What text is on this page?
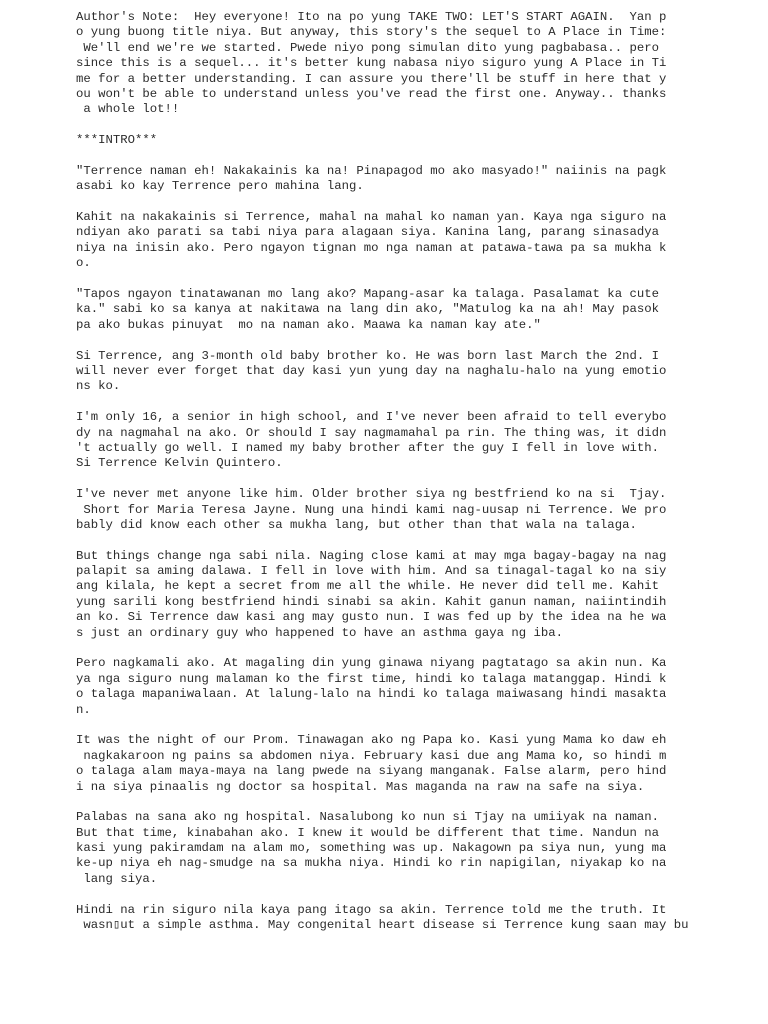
Author's Note:  Hey everyone! Ito na po yung TAKE TWO: LET'S START AGAIN.  Yan p
o yung buong title niya. But anyway, this story's the sequel to A Place in Time:
We'll end we're we started. Pwede niyo pong simulan dito yung pagbabasa.. pero
since this is a sequel... it's better kung nabasa niyo siguro yung A Place in Ti
me for a better understanding. I can assure you there'll be stuff in here that y
ou won't be able to understand unless you've read the first one. Anyway.. thanks
a whole lot!!
***INTRO***
"Terrence naman eh! Nakakainis ka na! Pinapagod mo ako masyado!" naiinis na pagk
asabi ko kay Terrence pero mahina lang.
Kahit na nakakainis si Terrence, mahal na mahal ko naman yan. Kaya nga siguro na
ndiyan ako parati sa tabi niya para alagaan siya. Kanina lang, parang sinasadya
niya na inisin ako. Pero ngayon tignan mo nga naman at patawa-tawa pa sa mukha k
o.
"Tapos ngayon tinatawanan mo lang ako? Mapang-asar ka talaga. Pasalamat ka cute
ka." sabi ko sa kanya at nakitawa na lang din ako, "Matulog ka na ah! May pasok
pa ako bukas pinuyat  mo na naman ako. Maawa ka naman kay ate."
Si Terrence, ang 3-month old baby brother ko. He was born last March the 2nd. I
will never ever forget that day kasi yun yung day na naghalu-halo na yung emotio
ns ko.
I'm only 16, a senior in high school, and I've never been afraid to tell everybo
dy na nagmahal na ako. Or should I say nagmamahal pa rin. The thing was, it didn
't actually go well. I named my baby brother after the guy I fell in love with.
Si Terrence Kelvin Quintero.
I've never met anyone like him. Older brother siya ng bestfriend ko na si  Tjay.
Short for Maria Teresa Jayne. Nung una hindi kami nag-uusap ni Terrence. We pro
bably did know each other sa mukha lang, but other than that wala na talaga.
But things change nga sabi nila. Naging close kami at may mga bagay-bagay na nag
palapit sa aming dalawa. I fell in love with him. And sa tinagal-tagal ko na siy
ang kilala, he kept a secret from me all the while. He never did tell me. Kahit
yung sarili kong bestfriend hindi sinabi sa akin. Kahit ganun naman, naiintindih
an ko. Si Terrence daw kasi ang may gusto nun. I was fed up by the idea na he wa
s just an ordinary guy who happened to have an asthma gaya ng iba.
Pero nagkamali ako. At magaling din yung ginawa niyang pagtatago sa akin nun. Ka
ya nga siguro nung malaman ko the first time, hindi ko talaga matanggap. Hindi k
o talaga mapaniwalaan. At lalung-lalo na hindi ko talaga maiwasang hindi masakta
n.
It was the night of our Prom. Tinawagan ako ng Papa ko. Kasi yung Mama ko daw eh
nagkakaroon ng pains sa abdomen niya. February kasi due ang Mama ko, so hindi m
o talaga alam maya-maya na lang pwede na siyang manganak. False alarm, pero hind
i na siya pinaalis ng doctor sa hospital. Mas maganda na raw na safe na siya.
Palabas na sana ako ng hospital. Nasalubong ko nun si Tjay na umiiyak na naman.
But that time, kinabahan ako. I knew it would be different that time. Nandun na
kasi yung pakiramdam na alam mo, something was up. Nakagown pa siya nun, yung ma
ke-up niya eh nag-smudge na sa mukha niya. Hindi ko rin napigilan, niyakap ko na
lang siya.
Hindi na rin siguro nila kaya pang itago sa akin. Terrence told me the truth. It
wasn▯ut a simple asthma. May congenital heart disease si Terrence kung saan may bu
